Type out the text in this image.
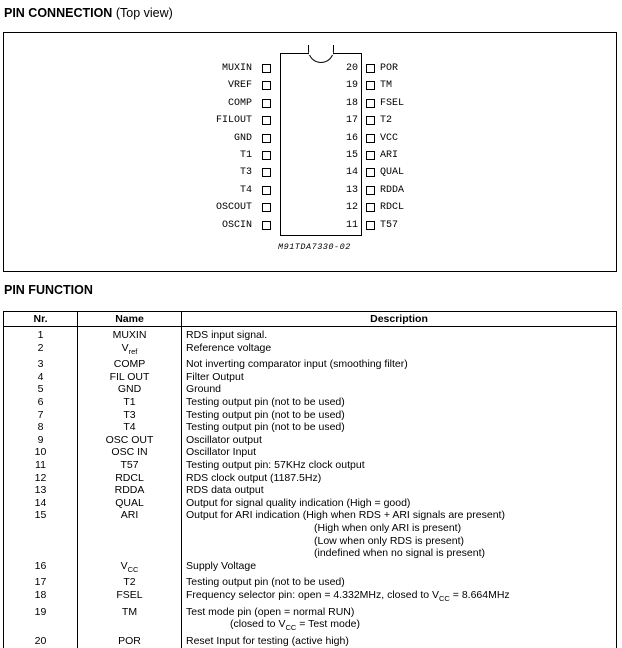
PIN CONNECTION (Top view)
MUXIN
VREF
COMP
FILOUT
GND
T1
T3
T4
OSCOUT
OSCIN
20 POR
19 TM
18 FSEL
17 T2
16 VCC
15 ARI
14 QUAL
13 RDDA
12 RDCL
11 T57
M91TDA7330-02
PIN FUNCTION
Nr.	Name	Description
1	MUXIN	RDS input signal.

2	$V_{ref}$	Reference voltage

3	COMP	Not inverting comparator input (smoothing filter)

4	FIL OUT	Filter Output

5	GND	Ground

6	T1	Testing output pin (not to be used)

7	T3	Testing output pin (not to be used)

8	T4	Testing output pin (not to be used)

9	OSC OUT	Oscillator output

10	OSC IN	Oscillator Input

11	T57	Testing output pin: 57KHz clock output

12	RDCL	RDS clock output (1187.5Hz)

13	RDDA	RDS data output

14	QUAL	Output for signal quality indication (High = good)

15	ARI	Output for ARI indication (High when RDS + ARI signals are present)
(High when only ARI is present)
(Low when only RDS is present)
(indefined when no signal is present)

16	$V_{CC}$	Supply Voltage

17	T2	Testing output pin (not to be used)

18	FSEL	Frequency selector pin: open = 4.332MHz, closed to $V_{CC} = 8.664MHz$
19	TM	Test mode pin (open = normal RUN)
(closed to $V_{CC}$ = Test mode)

20	POR	Reset Input for testing (active high)
